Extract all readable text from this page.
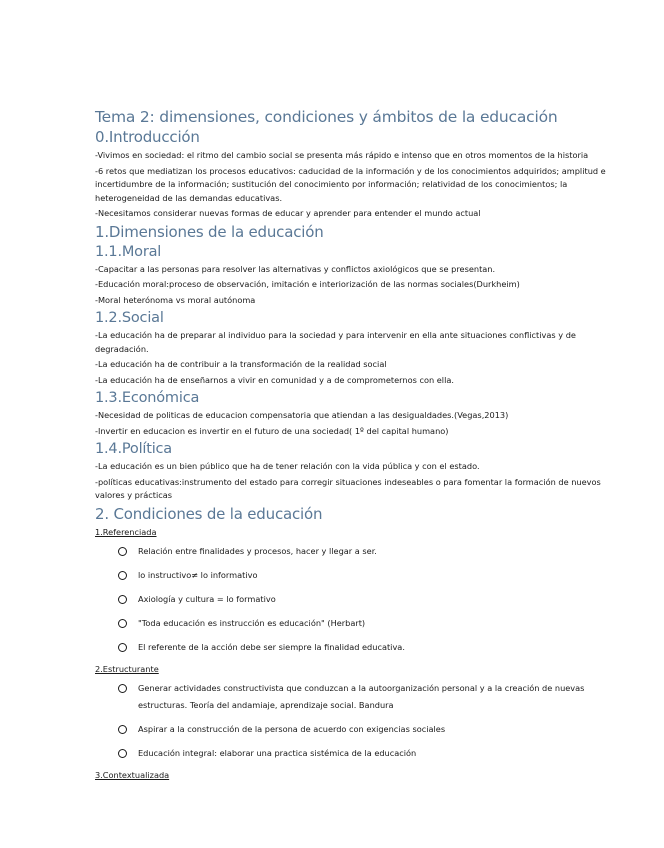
Tema 2: dimensiones, condiciones y ámbitos de la educación
0.Introducción

-Vivimos en sociedad: el ritmo del cambio social se presenta más rápido e intenso que en otros momentos de la historia

-6 retos que mediatizan los procesos educativos: caducidad de la información y de los conocimientos adquiridos; amplitud e incertidumbre de la información; sustitución del conocimiento por información; relatividad de los conocimientos; la heterogeneidad de las demandas educativas.

-Necesitamos considerar nuevas formas de educar y aprender para entender el mundo actual

1.Dimensiones de la educación
1.1.Moral

-Capacitar a las personas para resolver las alternativas y conflictos axiológicos que se presentan.

-Educación moral:proceso de observación, imitación e interiorización de las normas sociales(Durkheim)

-Moral heterónoma vs moral autónoma

1.2.Social

-La educación ha de preparar al individuo para la sociedad y para intervenir en ella ante situaciones conflictivas y de degradación.

-La educación ha de contribuir a la transformación de la realidad social

-La educación ha de enseñarnos a vivir en comunidad y a de comprometernos con ella.

1.3.Económica

-Necesidad de politicas de educacion compensatoria que atiendan a las desigualdades.(Vegas,2013)

-Invertir en educacion es invertir en el futuro de una sociedad( 1º del capital humano)

1.4.Política

-La educación es un bien público que ha de tener relación con la vida pública y con el estado.

-políticas educativas:instrumento del estado para corregir situaciones indeseables o para fomentar la formación de nuevos valores y prácticas

2. Condiciones de la educación
1.Referenciada
Relación entre finalidades y procesos, hacer y llegar a ser.
lo instructivo≠ lo informativo
Axiología y cultura = lo formativo
"Toda educación es instrucción es educación" (Herbart)
El referente de la acción debe ser siempre la finalidad educativa.
2.Estructurante
Generar actividades constructivista que conduzcan a la autoorganización personal y a la creación de nuevas estructuras. Teoría del andamiaje, aprendizaje social. Bandura
Aspirar a la construcción de la persona de acuerdo con exigencias sociales
Educación integral: elaborar una practica sistémica de la educación
3.Contextualizada
